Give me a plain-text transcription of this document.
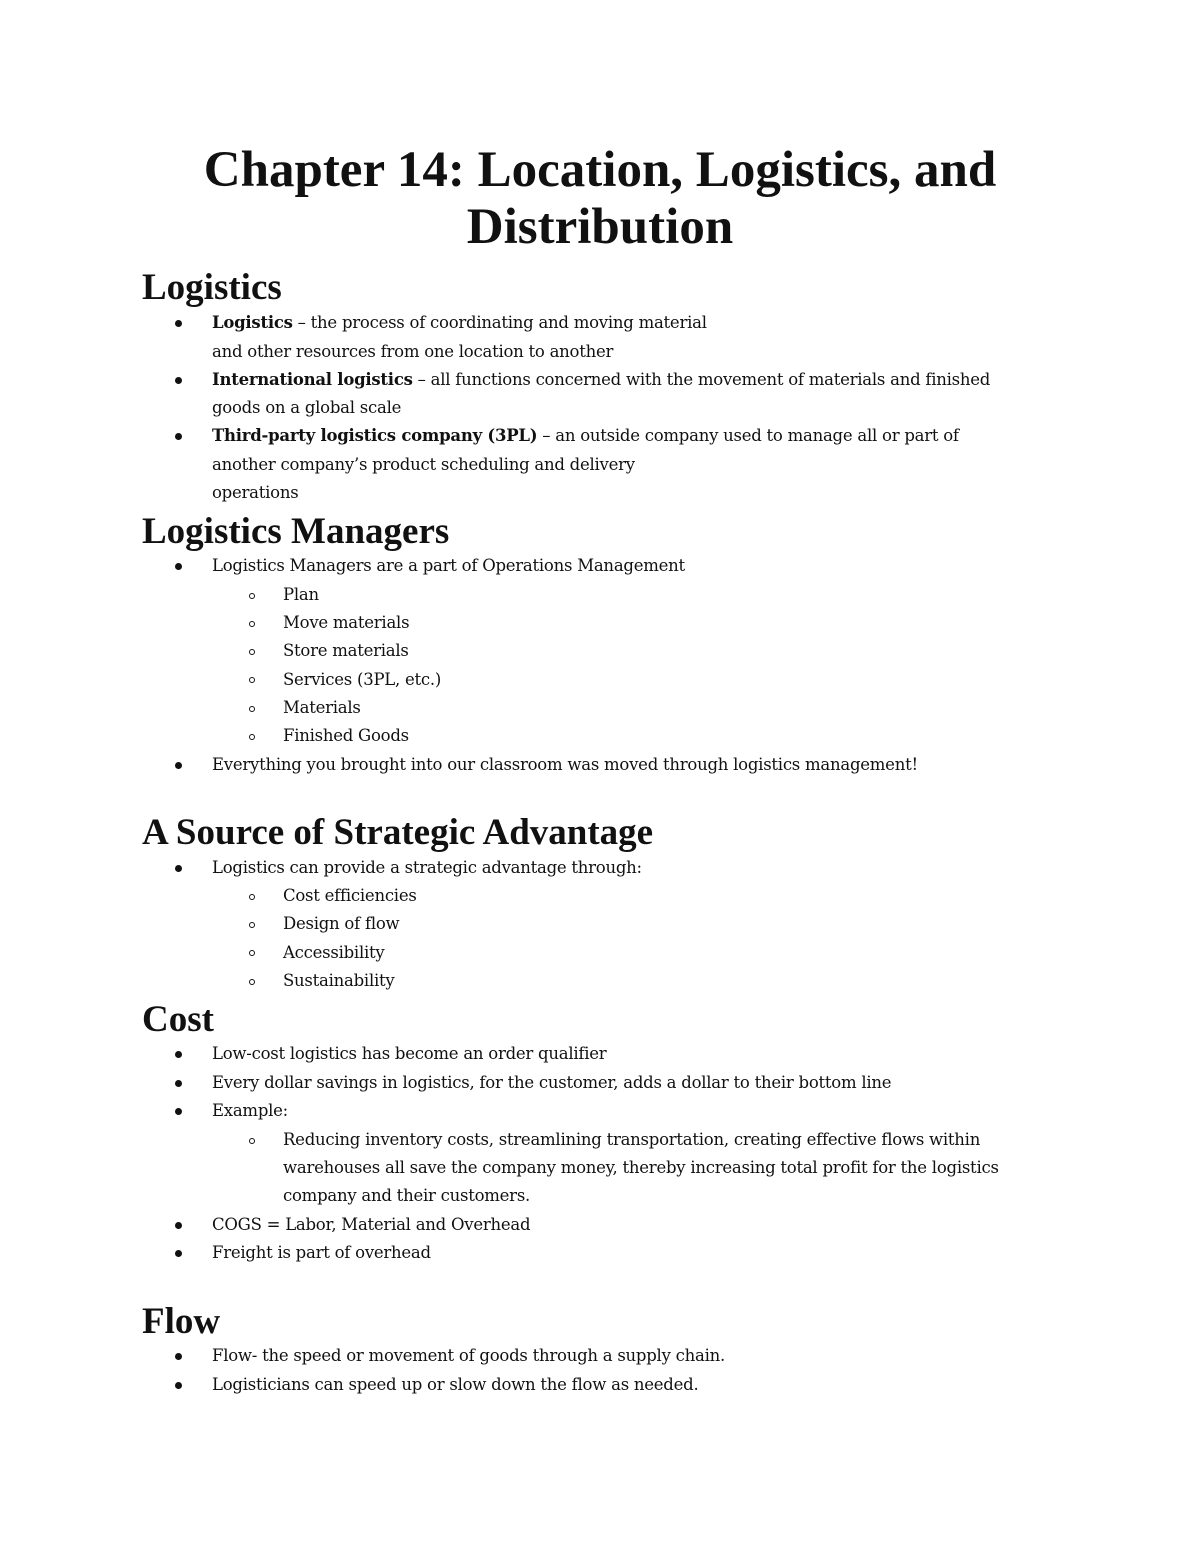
Chapter 14: Location, Logistics, and
Distribution
Logistics
Logistics – the process of coordinating and moving material
and other resources from one location to another
International logistics – all functions concerned with the movement of materials and finished
goods on a global scale
Third-party logistics company (3PL) – an outside company used to manage all or part of
another company’s product scheduling and delivery
operations
Logistics Managers
Logistics Managers are a part of Operations Management
Plan
Move materials
Store materials
Services (3PL, etc.)
Materials
Finished Goods
Everything you brought into our classroom was moved through logistics management!
A Source of Strategic Advantage
Logistics can provide a strategic advantage through:
Cost efficiencies
Design of flow
Accessibility
Sustainability
Cost
Low-cost logistics has become an order qualifier
Every dollar savings in logistics, for the customer, adds a dollar to their bottom line
Example:
Reducing inventory costs, streamlining transportation, creating effective flows within
warehouses all save the company money, thereby increasing total profit for the logistics
company and their customers.
COGS = Labor, Material and Overhead
Freight is part of overhead
Flow
Flow- the speed or movement of goods through a supply chain.
Logisticians can speed up or slow down the flow as needed.
